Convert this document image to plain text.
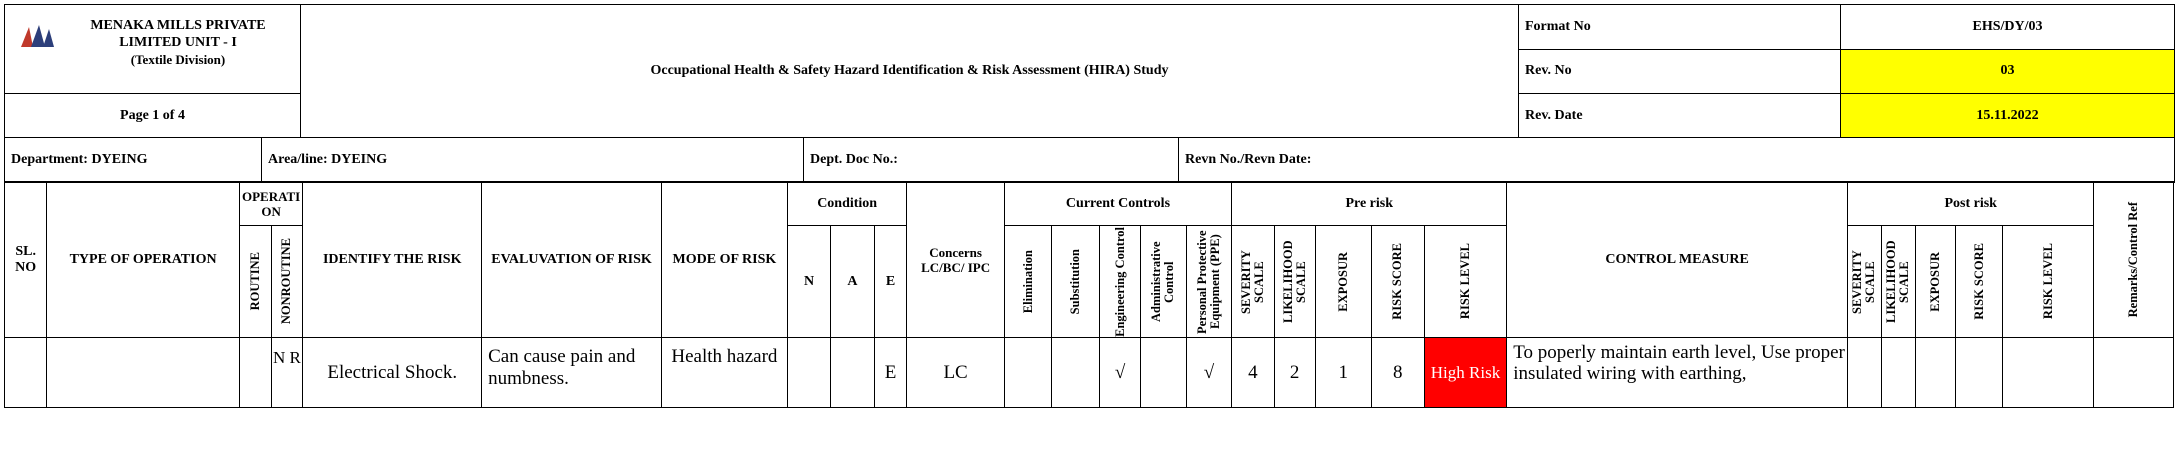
MENAKA MILLS PRIVATE LIMITED UNIT - I
(Textile Division)	Occupational Health & Safety Hazard Identification & Risk Assessment (HIRA) Study	Format No	EHS/DY/03
		Rev. No	03
Page 1 of 4		Rev. Date	15.11.2022
Department: DYEING	Area/line: DYEING	Dept. Doc No.:	Revn No./Revn Date:
SL. NO	TYPE OF OPERATION	OPERATI ON		IDENTIFY THE RISK	EVALUVATION OF RISK	MODE OF RISK	Condition			Concerns LC/BC/ IPC	Current Controls					Pre risk					CONTROL MEASURE	Post risk					Remarks/Control Ref

		ROUTINE	NONROUTINE				N	A	E		Elimination	Substitution	Engineering Control	Administrative Control	Personal Protective Equipment (PPE)	SEVERITY SCALE	LIKELIHOOD SCALE	EXPOSUR	RISK SCORE	RISK LEVEL		SEVERITY SCALE	LIKELIHOOD SCALE	EXPOSUR	RISK SCORE	RISK LEVEL	

			N R	Electrical Shock.	Can cause pain and numbness.	Health hazard			E	LC			√		√	4	2	1	8	High Risk	To poperly maintain earth level, Use proper insulated wiring with earthing,						
